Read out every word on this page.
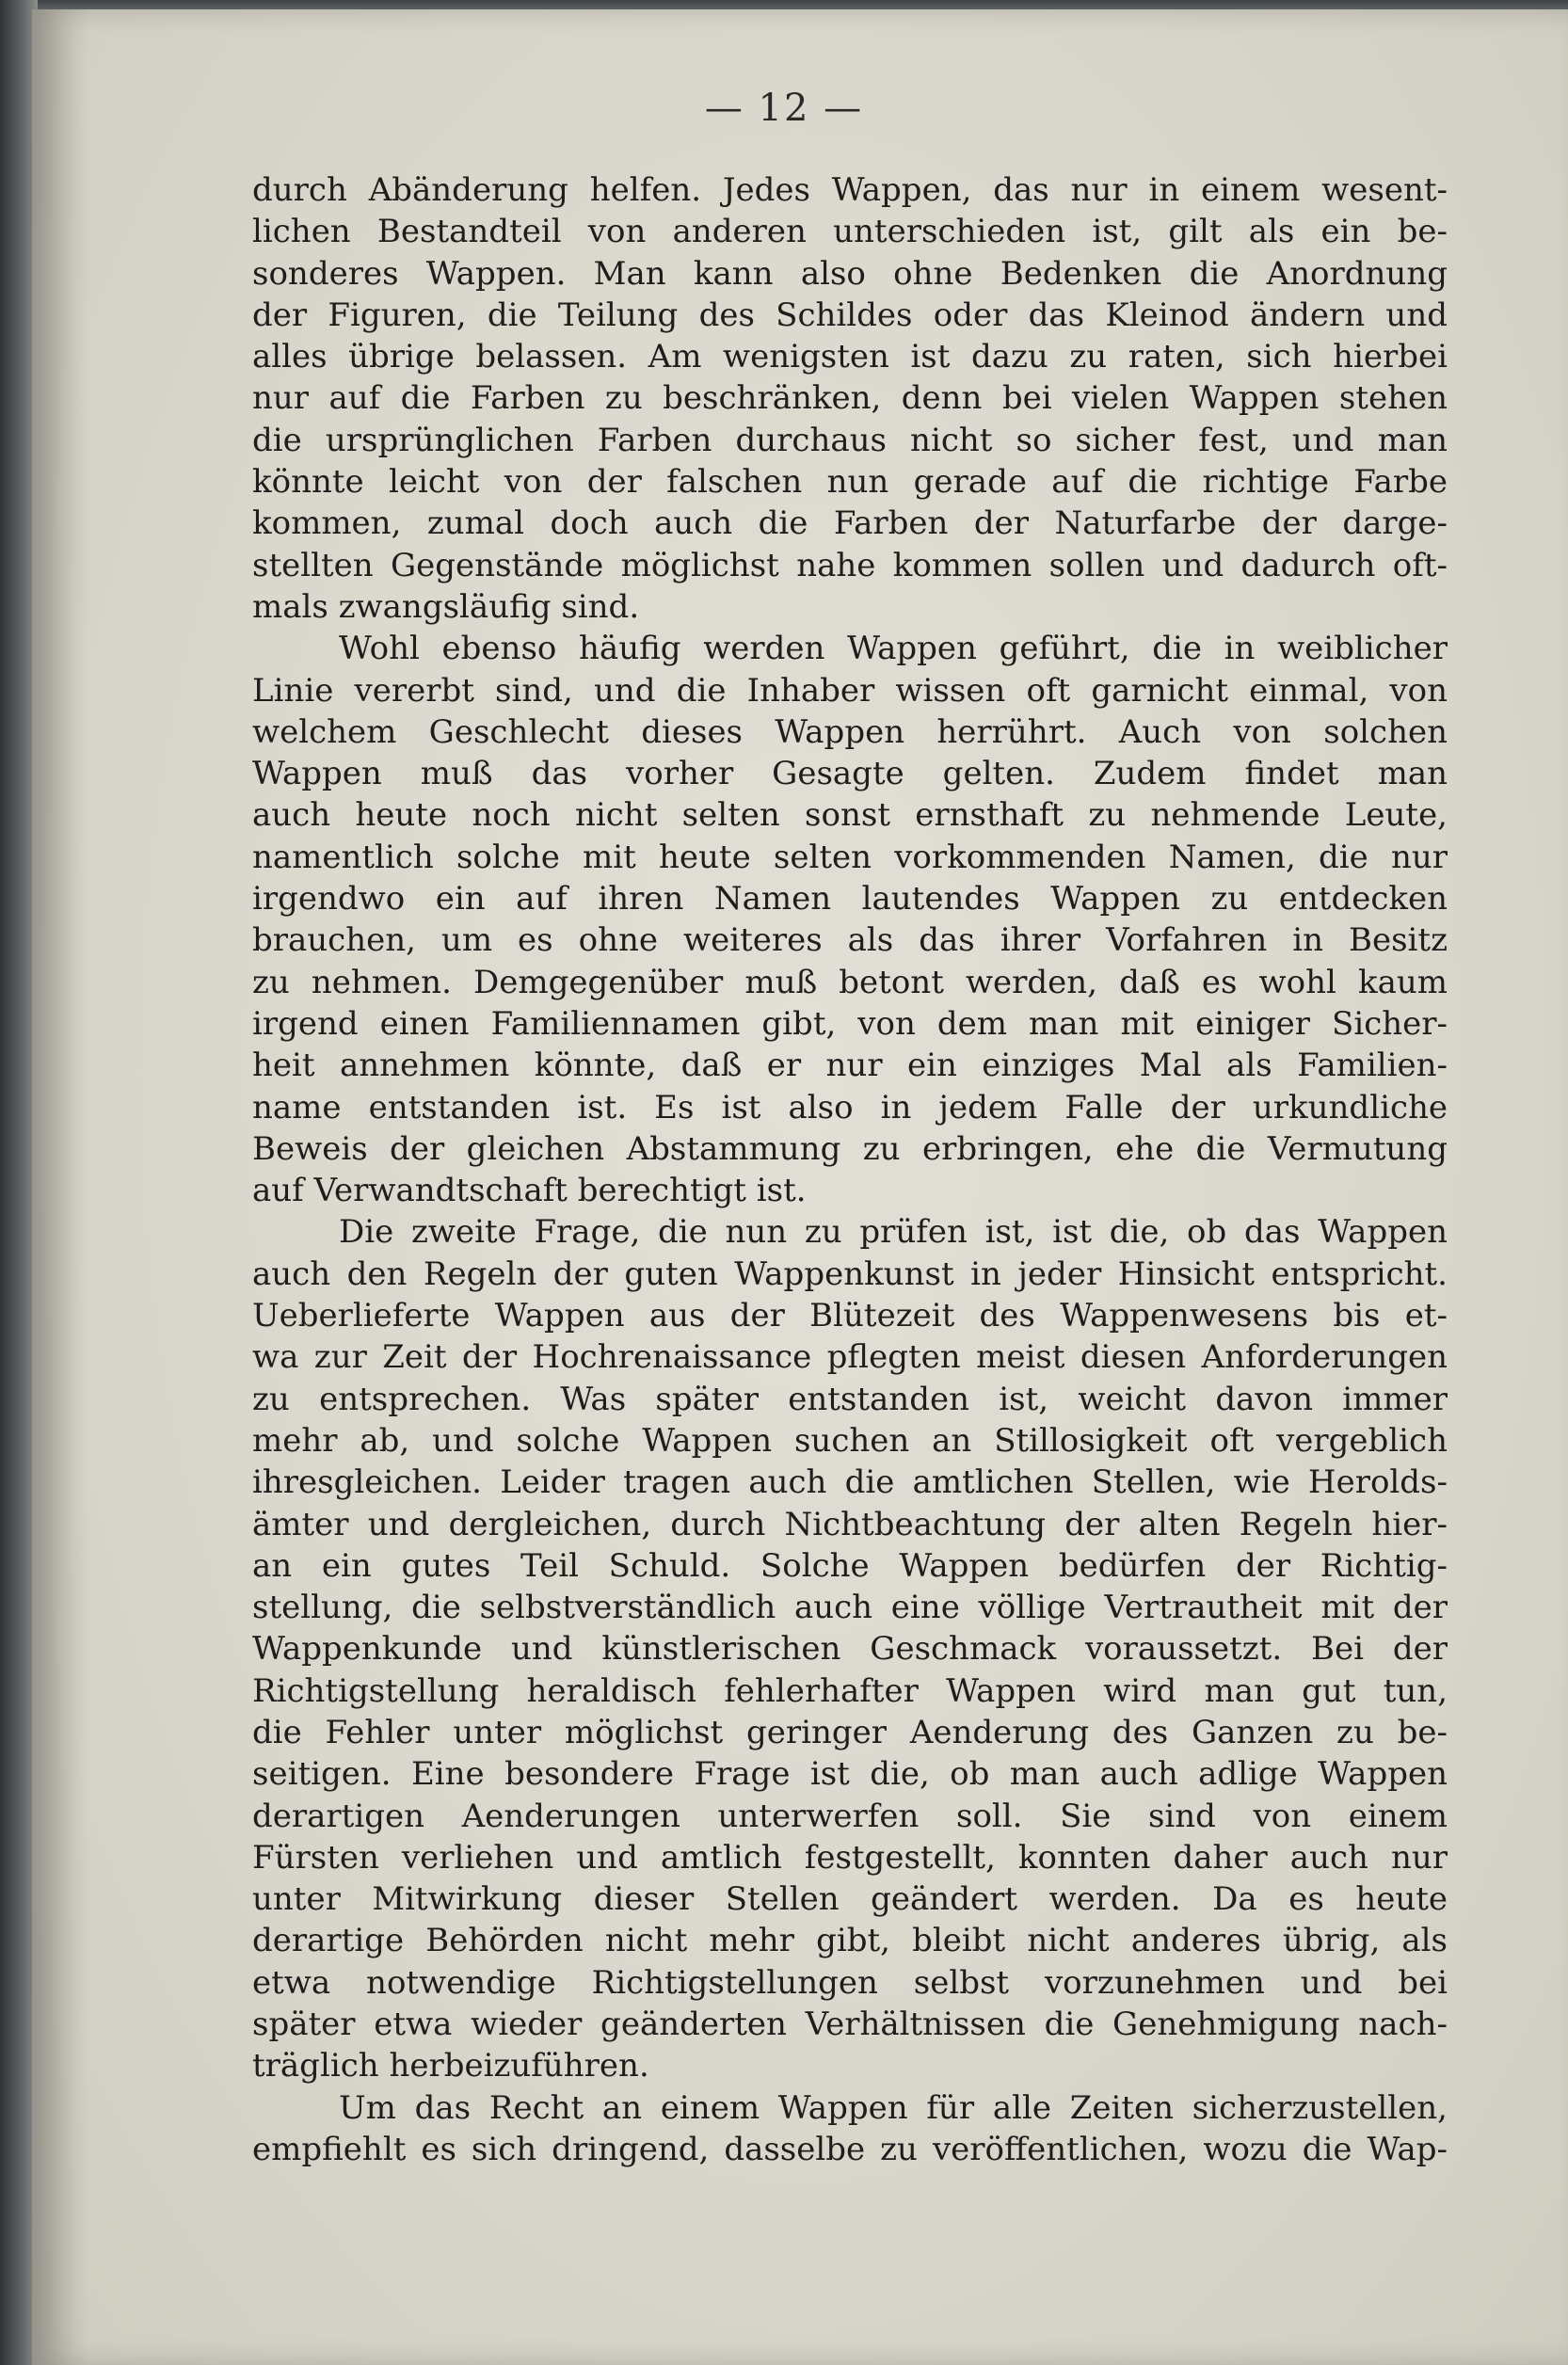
— 12 —
durch Abänderung helfen. Jedes Wappen, das nur in einem wesent-
lichen Bestandteil von anderen unterschieden ist, gilt als ein be-
sonderes Wappen. Man kann also ohne Bedenken die Anordnung
der Figuren, die Teilung des Schildes oder das Kleinod ändern und
alles übrige belassen. Am wenigsten ist dazu zu raten, sich hierbei
nur auf die Farben zu beschränken, denn bei vielen Wappen stehen
die ursprünglichen Farben durchaus nicht so sicher fest, und man
könnte leicht von der falschen nun gerade auf die richtige Farbe
kommen, zumal doch auch die Farben der Naturfarbe der darge-
stellten Gegenstände möglichst nahe kommen sollen und dadurch oft-
mals zwangsläufig sind.
Wohl ebenso häufig werden Wappen geführt, die in weiblicher
Linie vererbt sind, und die Inhaber wissen oft garnicht einmal, von
welchem Geschlecht dieses Wappen herrührt. Auch von solchen
Wappen muß das vorher Gesagte gelten. Zudem findet man
auch heute noch nicht selten sonst ernsthaft zu nehmende Leute,
namentlich solche mit heute selten vorkommenden Namen, die nur
irgendwo ein auf ihren Namen lautendes Wappen zu entdecken
brauchen, um es ohne weiteres als das ihrer Vorfahren in Besitz
zu nehmen. Demgegenüber muß betont werden, daß es wohl kaum
irgend einen Familiennamen gibt, von dem man mit einiger Sicher-
heit annehmen könnte, daß er nur ein einziges Mal als Familien-
name entstanden ist. Es ist also in jedem Falle der urkundliche
Beweis der gleichen Abstammung zu erbringen, ehe die Vermutung
auf Verwandtschaft berechtigt ist.
Die zweite Frage, die nun zu prüfen ist, ist die, ob das Wappen
auch den Regeln der guten Wappenkunst in jeder Hinsicht entspricht.
Ueberlieferte Wappen aus der Blütezeit des Wappenwesens bis et-
wa zur Zeit der Hochrenaissance pflegten meist diesen Anforderungen
zu entsprechen. Was später entstanden ist, weicht davon immer
mehr ab, und solche Wappen suchen an Stillosigkeit oft vergeblich
ihresgleichen. Leider tragen auch die amtlichen Stellen, wie Herolds-
ämter und dergleichen, durch Nichtbeachtung der alten Regeln hier-
an ein gutes Teil Schuld. Solche Wappen bedürfen der Richtig-
stellung, die selbstverständlich auch eine völlige Vertrautheit mit der
Wappenkunde und künstlerischen Geschmack voraussetzt. Bei der
Richtigstellung heraldisch fehlerhafter Wappen wird man gut tun,
die Fehler unter möglichst geringer Aenderung des Ganzen zu be-
seitigen. Eine besondere Frage ist die, ob man auch adlige Wappen
derartigen Aenderungen unterwerfen soll. Sie sind von einem
Fürsten verliehen und amtlich festgestellt, konnten daher auch nur
unter Mitwirkung dieser Stellen geändert werden. Da es heute
derartige Behörden nicht mehr gibt, bleibt nicht anderes übrig, als
etwa notwendige Richtigstellungen selbst vorzunehmen und bei
später etwa wieder geänderten Verhältnissen die Genehmigung nach-
träglich herbeizuführen.
Um das Recht an einem Wappen für alle Zeiten sicherzustellen,
empfiehlt es sich dringend, dasselbe zu veröffentlichen, wozu die Wap-
